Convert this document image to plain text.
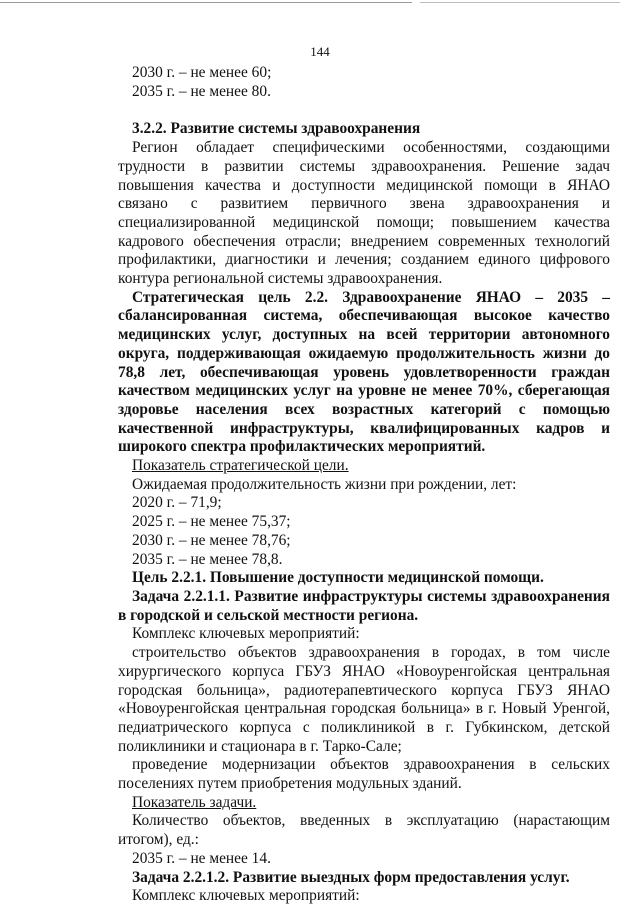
144

2030 г. – не менее 60;

2035 г. – не менее 80.

3.2.2. Развитие системы здравоохранения

Регион обладает специфическими особенностями, создающими трудности в развитии системы здравоохранения. Решение задач повышения качества и доступности медицинской помощи в ЯНАО связано с развитием первичного звена здравоохранения и специализированной медицинской помощи; повышением качества кадрового обеспечения отрасли; внедрением современных технологий профилактики, диагностики и лечения; созданием единого цифрового контура региональной системы здравоохранения.

Стратегическая цель 2.2. Здравоохранение ЯНАО – 2035 – сбалансированная система, обеспечивающая высокое качество медицинских услуг, доступных на всей территории автономного округа, поддерживающая ожидаемую продолжительность жизни до 78,8 лет, обеспечивающая уровень удовлетворенности граждан качеством медицинских услуг на уровне не менее 70%, сберегающая здоровье населения всех возрастных категорий с помощью качественной инфраструктуры, квалифицированных кадров и широкого спектра профилактических мероприятий.

Показатель стратегической цели.

Ожидаемая продолжительность жизни при рождении, лет:

2020 г. – 71,9;

2025 г. – не менее 75,37;

2030 г. – не менее 78,76;

2035 г. – не менее 78,8.

Цель 2.2.1. Повышение доступности медицинской помощи.

Задача 2.2.1.1. Развитие инфраструктуры системы здравоохранения в городской и сельской местности региона.

Комплекс ключевых мероприятий:

строительство объектов здравоохранения в городах, в том числе хирургического корпуса ГБУЗ ЯНАО «Новоуренгойская центральная городская больница», радиотерапевтического корпуса ГБУЗ ЯНАО «Новоуренгойская центральная городская больница» в г. Новый Уренгой, педиатрического корпуса с поликлиникой в г. Губкинском, детской поликлиники и стационара в г. Тарко-Сале;

проведение модернизации объектов здравоохранения в сельских поселениях путем приобретения модульных зданий.

Показатель задачи.

Количество объектов, введенных в эксплуатацию (нарастающим итогом), ед.:

2035 г. – не менее 14.

Задача 2.2.1.2. Развитие выездных форм предоставления услуг.

Комплекс ключевых мероприятий:
